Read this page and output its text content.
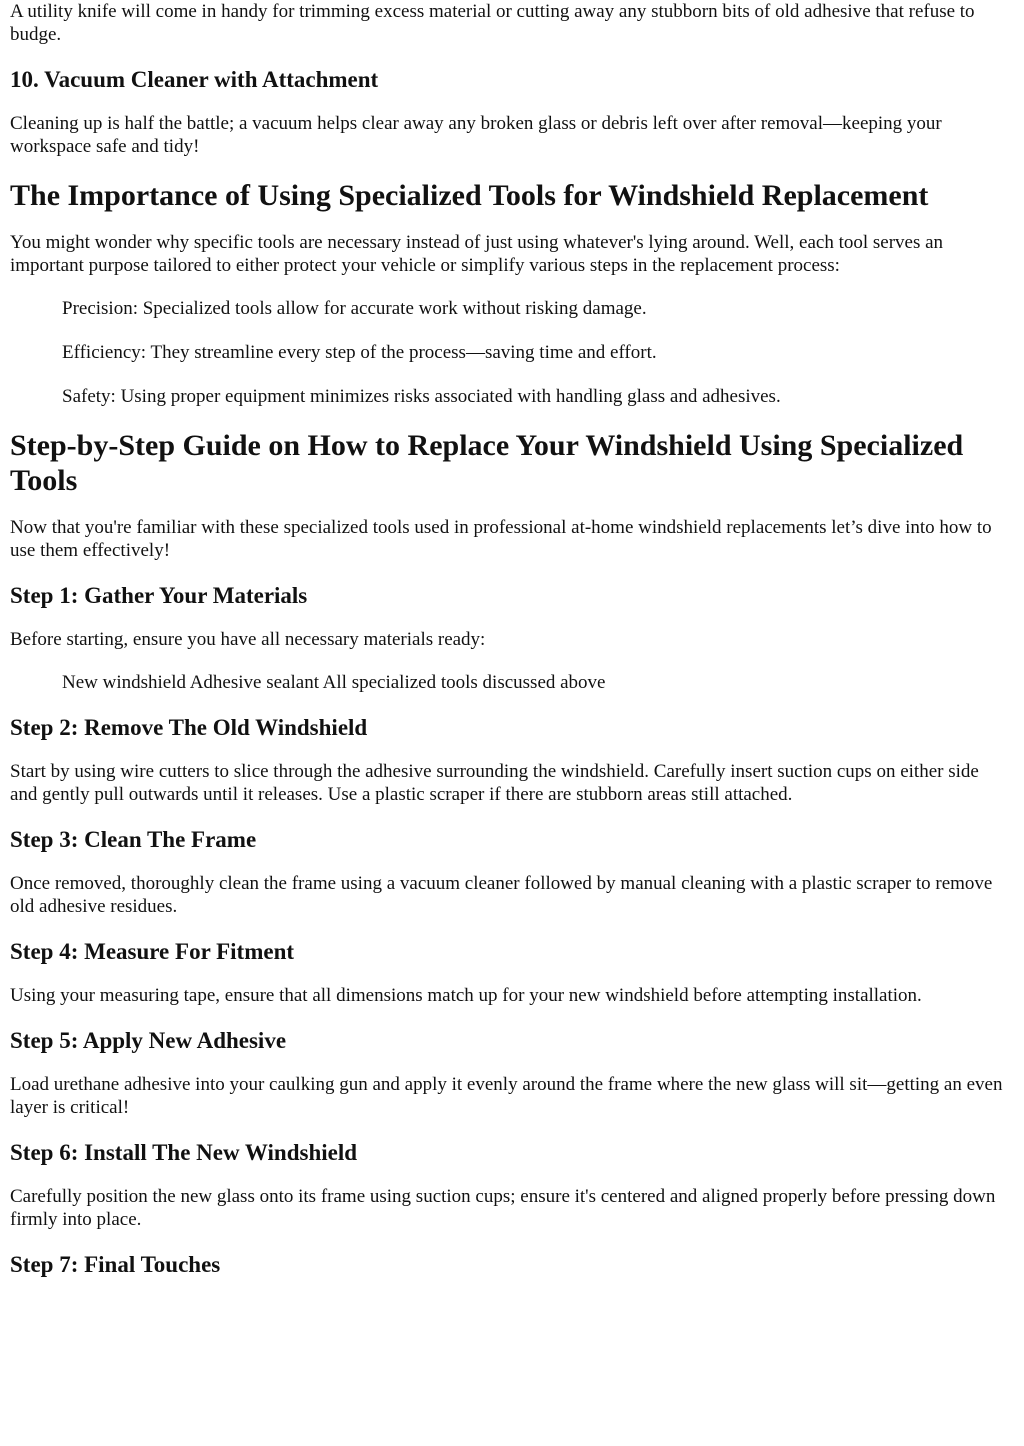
A utility knife will come in handy for trimming excess material or cutting away any stubborn bits of old adhesive that refuse to budge.

10. Vacuum Cleaner with Attachment

Cleaning up is half the battle; a vacuum helps clear away any broken glass or debris left over after removal—keeping your workspace safe and tidy!

The Importance of Using Specialized Tools for Windshield Replacement

You might wonder why specific tools are necessary instead of just using whatever's lying around. Well, each tool serves an important purpose tailored to either protect your vehicle or simplify various steps in the replacement process:

Precision: Specialized tools allow for accurate work without risking damage.

Efficiency: They streamline every step of the process—saving time and effort.

Safety: Using proper equipment minimizes risks associated with handling glass and adhesives.

Step-by-Step Guide on How to Replace Your Windshield Using Specialized Tools

Now that you're familiar with these specialized tools used in professional at-home windshield replacements let’s dive into how to use them effectively!

Step 1: Gather Your Materials

Before starting, ensure you have all necessary materials ready:

New windshield Adhesive sealant All specialized tools discussed above

Step 2: Remove The Old Windshield

Start by using wire cutters to slice through the adhesive surrounding the windshield. Carefully insert suction cups on either side and gently pull outwards until it releases. Use a plastic scraper if there are stubborn areas still attached.

Step 3: Clean The Frame

Once removed, thoroughly clean the frame using a vacuum cleaner followed by manual cleaning with a plastic scraper to remove old adhesive residues.

Step 4: Measure For Fitment

Using your measuring tape, ensure that all dimensions match up for your new windshield before attempting installation.

Step 5: Apply New Adhesive

Load urethane adhesive into your caulking gun and apply it evenly around the frame where the new glass will sit—getting an even layer is critical!

Step 6: Install The New Windshield

Carefully position the new glass onto its frame using suction cups; ensure it's centered and aligned properly before pressing down firmly into place.

Step 7: Final Touches
